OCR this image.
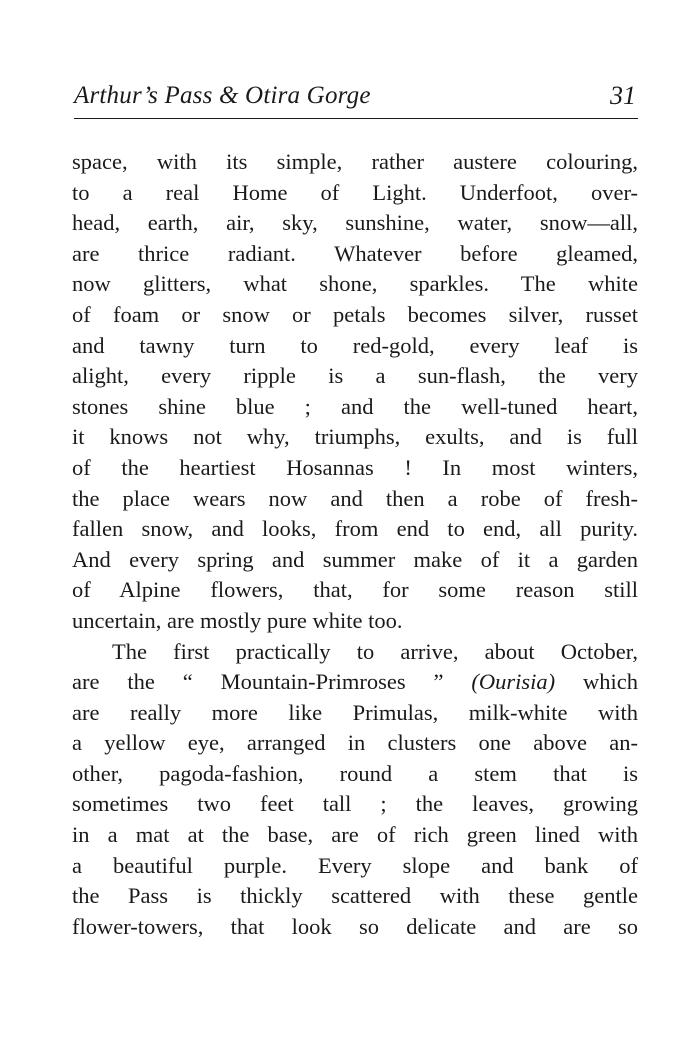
Arthur’s Pass & Otira Gorge	31
space, with its simple, rather austere colouring,
to a real Home of Light. Underfoot, over-
head, earth, air, sky, sunshine, water, snow—all,
are thrice radiant. Whatever before gleamed,
now glitters, what shone, sparkles. The white
of foam or snow or petals becomes silver, russet
and tawny turn to red-gold, every leaf is
alight, every ripple is a sun-flash, the very
stones shine blue ; and the well-tuned heart,
it knows not why, triumphs, exults, and is full
of the heartiest Hosannas ! In most winters,
the place wears now and then a robe of fresh-
fallen snow, and looks, from end to end, all purity.
And every spring and summer make of it a garden
of Alpine flowers, that, for some reason still
uncertain, are mostly pure white too.
The first practically to arrive, about October,
are the “ Mountain-Primroses ” (Ourisia) which
are really more like Primulas, milk-white with
a yellow eye, arranged in clusters one above an-
other, pagoda-fashion, round a stem that is
sometimes two feet tall ; the leaves, growing
in a mat at the base, are of rich green lined with
a beautiful purple. Every slope and bank of
the Pass is thickly scattered with these gentle
flower-towers, that look so delicate and are so
